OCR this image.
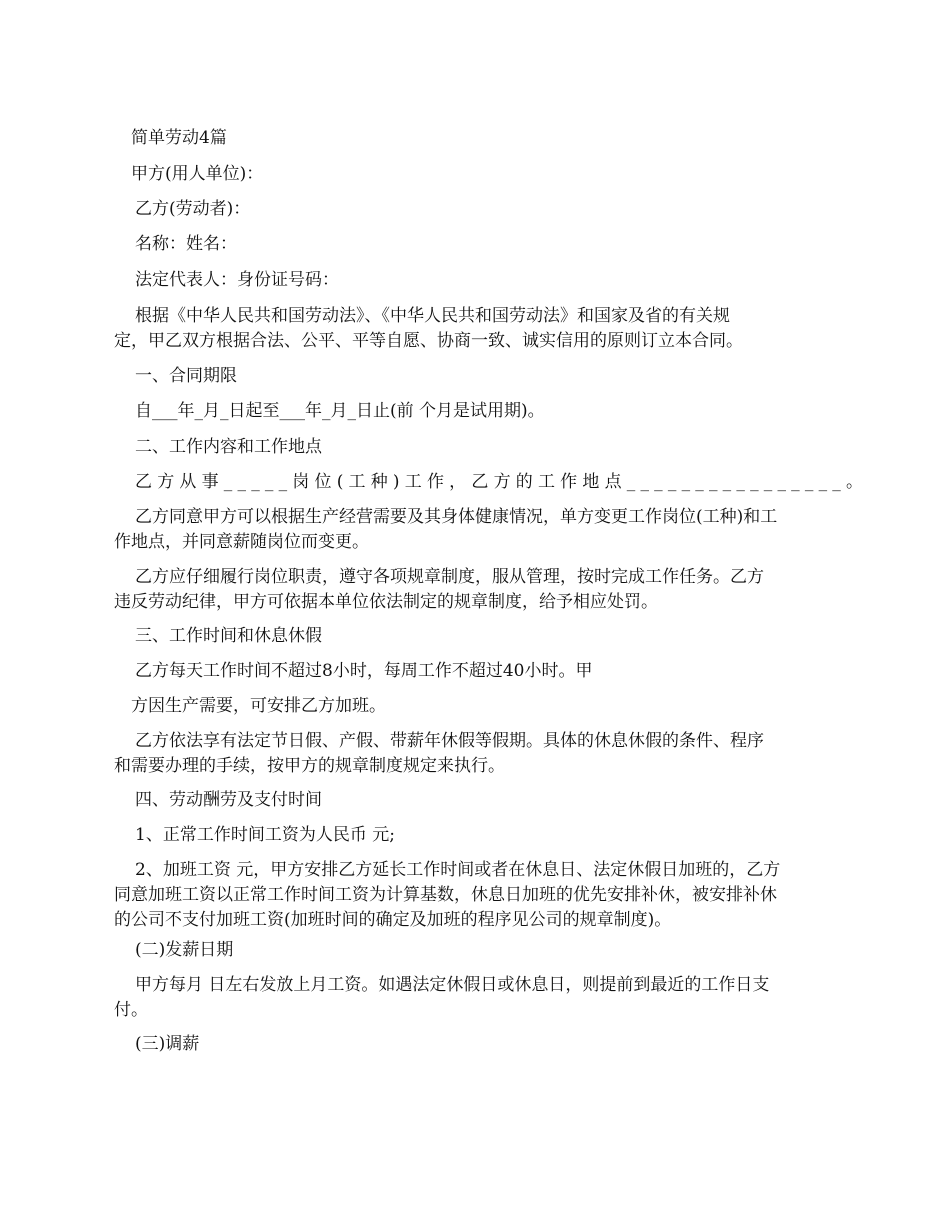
简单劳动4篇
甲方(用人单位)：
乙方(劳动者)：
名称：姓名：
法定代表人：身份证号码：
根据《中华人民共和国劳动法》、《中华人民共和国劳动法》和国家及省的有关规
定，甲乙双方根据合法、公平、平等自愿、协商一致、诚实信用的原则订立本合同。
一、合同期限
自___年_月_日起至___年_月_日止(前 个月是试用期)。
二、工作内容和工作地点
乙方从事_____岗位(工种)工作，乙方的工作地点________________。
乙方同意甲方可以根据生产经营需要及其身体健康情况，单方变更工作岗位(工种)和工
作地点，并同意薪随岗位而变更。
乙方应仔细履行岗位职责，遵守各项规章制度，服从管理，按时完成工作任务。乙方
违反劳动纪律，甲方可依据本单位依法制定的规章制度，给予相应处罚。
三、工作时间和休息休假
乙方每天工作时间不超过8小时，每周工作不超过40小时。甲
方因生产需要，可安排乙方加班。
乙方依法享有法定节日假、产假、带薪年休假等假期。具体的休息休假的条件、程序
和需要办理的手续，按甲方的规章制度规定来执行。
四、劳动酬劳及支付时间
1、正常工作时间工资为人民币 元;
2、加班工资 元，甲方安排乙方延长工作时间或者在休息日、法定休假日加班的，乙方
同意加班工资以正常工作时间工资为计算基数，休息日加班的优先安排补休，被安排补休
的公司不支付加班工资(加班时间的确定及加班的程序见公司的规章制度)。
(二)发薪日期
甲方每月 日左右发放上月工资。如遇法定休假日或休息日，则提前到最近的工作日支
付。
(三)调薪
